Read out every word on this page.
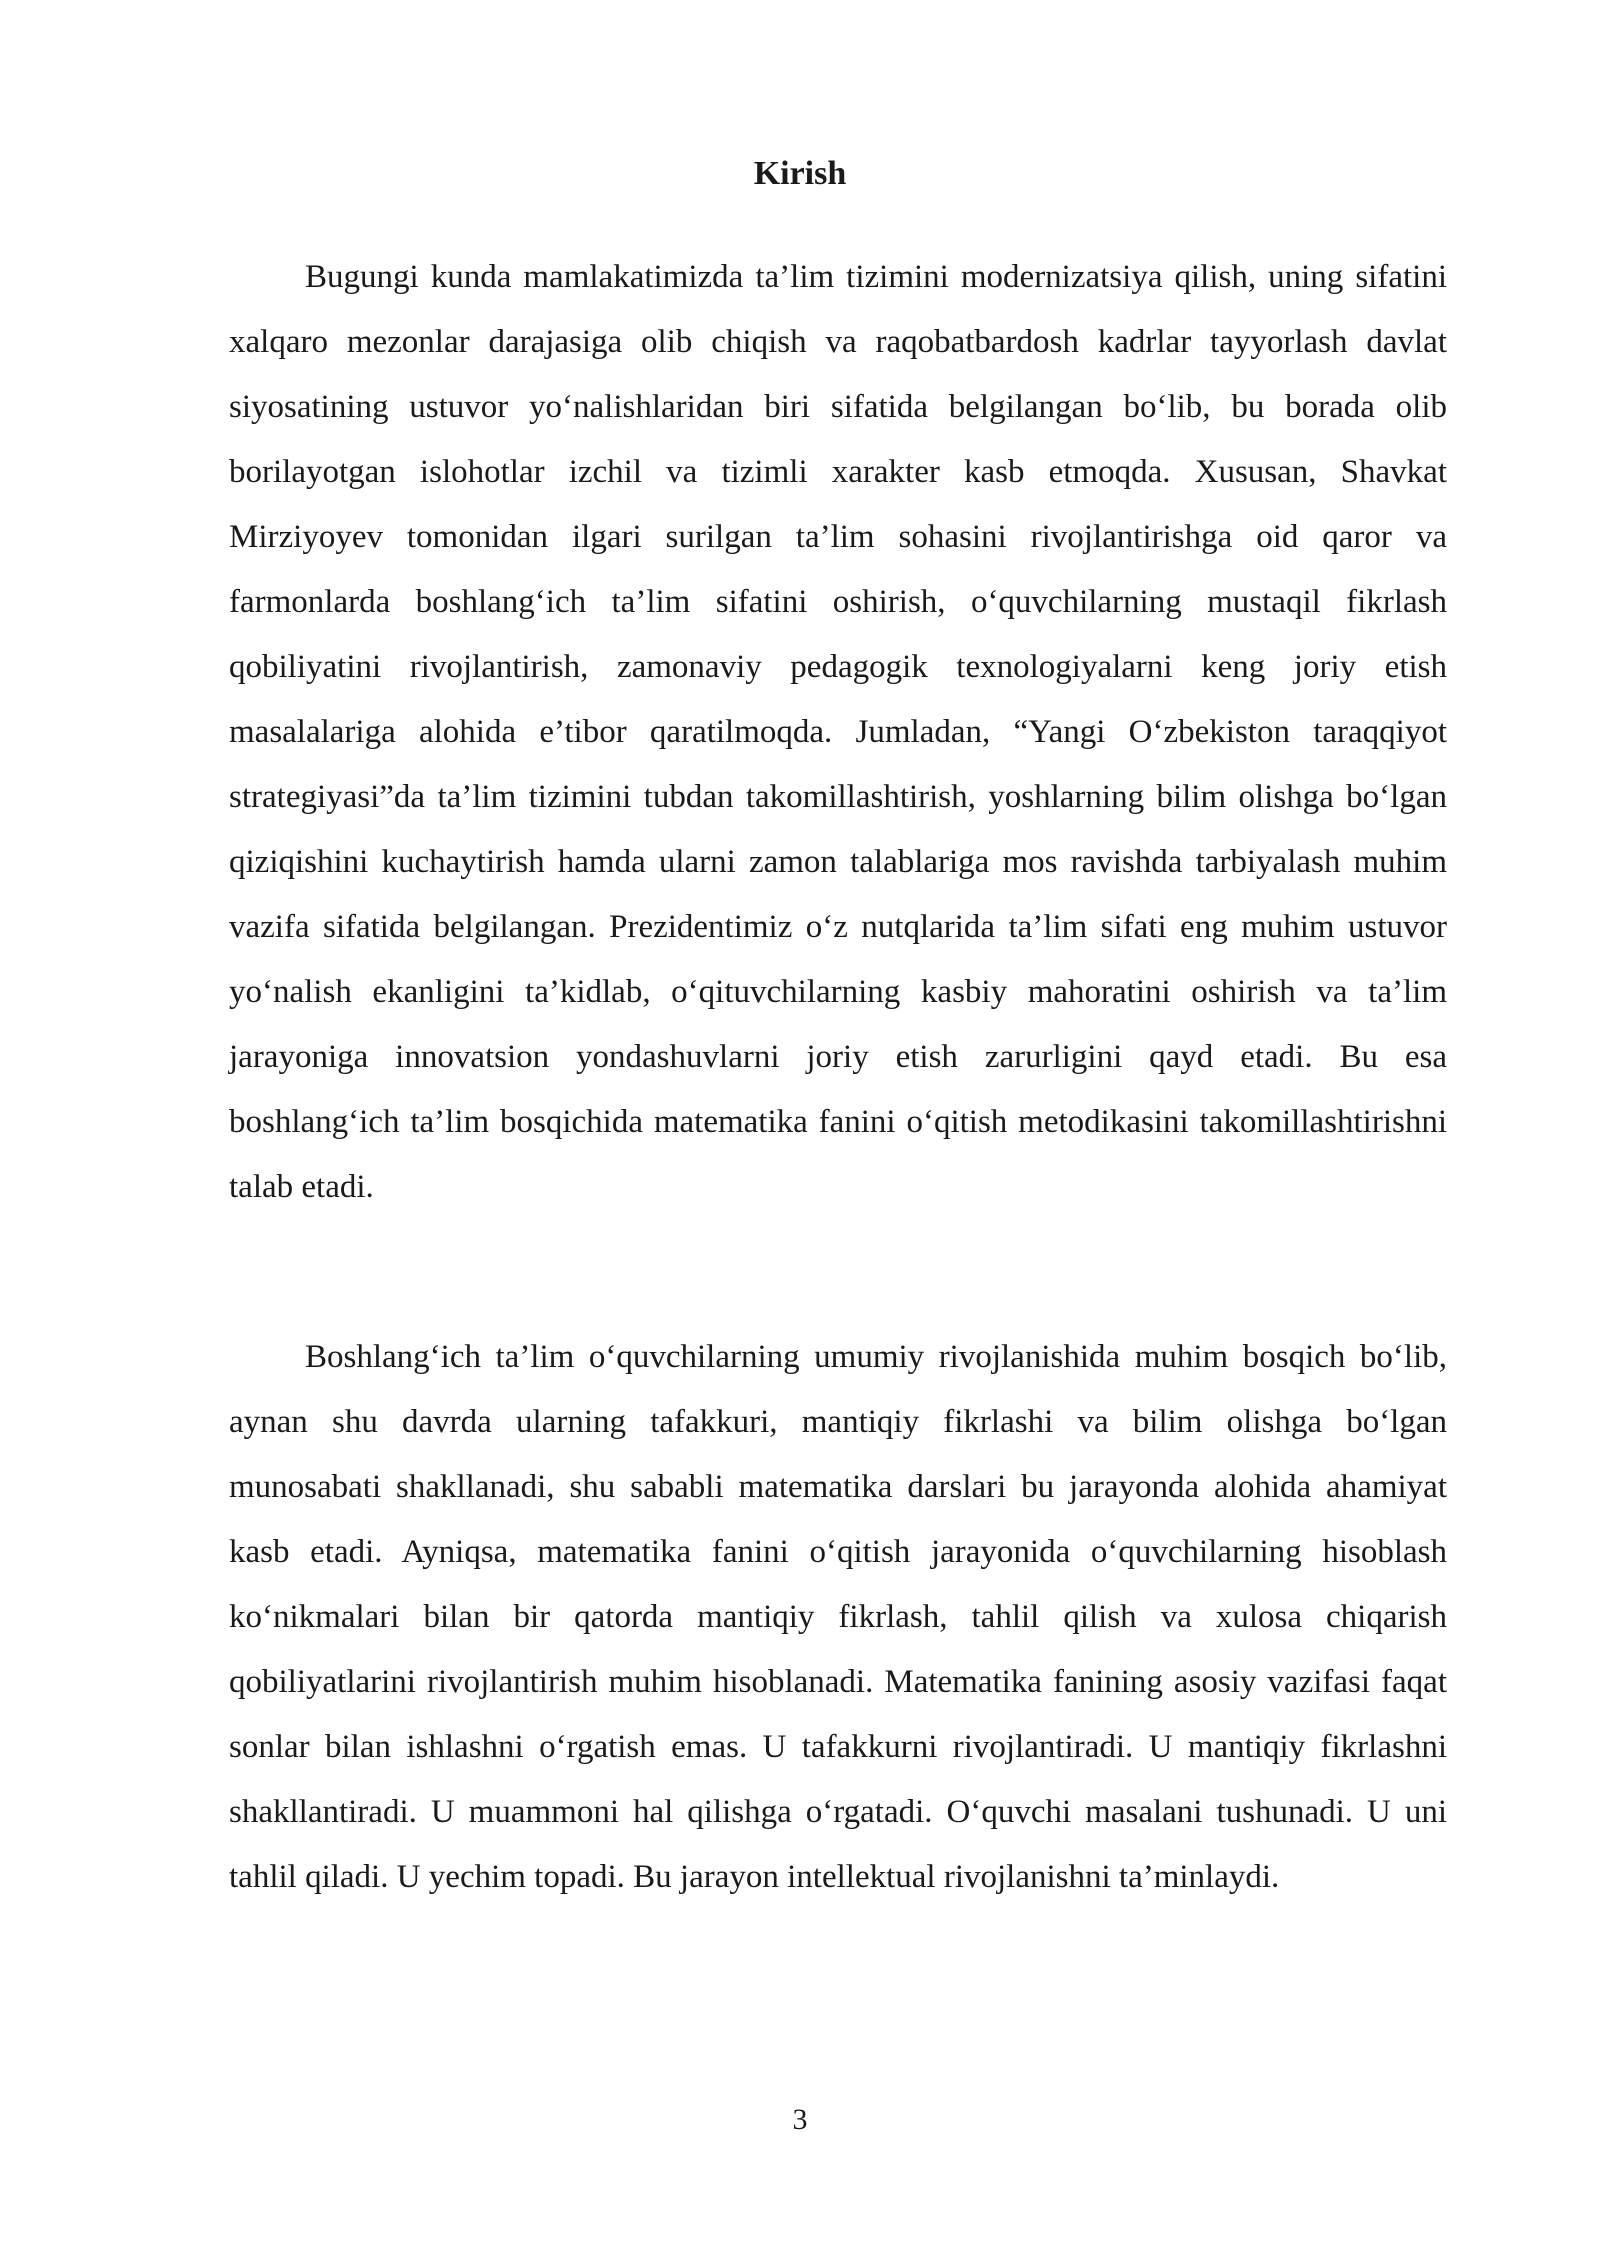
Kirish

Bugungi kunda mamlakatimizda ta’lim tizimini modernizatsiya qilish, uning sifatini xalqaro mezonlar darajasiga olib chiqish va raqobatbardosh kadrlar tayyorlash davlat siyosatining ustuvor yo‘nalishlaridan biri sifatida belgilangan bo‘lib, bu borada olib borilayotgan islohotlar izchil va tizimli xarakter kasb etmoqda. Xususan, Shavkat Mirziyoyev tomonidan ilgari surilgan ta’lim sohasini rivojlantirishga oid qaror va farmonlarda boshlang‘ich ta’lim sifatini oshirish, o‘quvchilarning mustaqil fikrlash qobiliyatini rivojlantirish, zamonaviy pedagogik texnologiyalarni keng joriy etish masalalariga alohida e’tibor qaratilmoqda. Jumladan, “Yangi O‘zbekiston taraqqiyot strategiyasi”da ta’lim tizimini tubdan takomillashtirish, yoshlarning bilim olishga bo‘lgan qiziqishini kuchaytirish hamda ularni zamon talablariga mos ravishda tarbiyalash muhim vazifa sifatida belgilangan. Prezidentimiz o‘z nutqlarida ta’lim sifati eng muhim ustuvor yo‘nalish ekanligini ta’kidlab, o‘qituvchilarning kasbiy mahoratini oshirish va ta’lim jarayoniga innovatsion yondashuvlarni joriy etish zarurligini qayd etadi. Bu esa boshlang‘ich ta’lim bosqichida matematika fanini o‘qitish metodikasini takomillashtirishni talab etadi.

Boshlang‘ich ta’lim o‘quvchilarning umumiy rivojlanishida muhim bosqich bo‘lib, aynan shu davrda ularning tafakkuri, mantiqiy fikrlashi va bilim olishga bo‘lgan munosabati shakllanadi, shu sababli matematika darslari bu jarayonda alohida ahamiyat kasb etadi. Ayniqsa, matematika fanini o‘qitish jarayonida o‘quvchilarning hisoblash ko‘nikmalari bilan bir qatorda mantiqiy fikrlash, tahlil qilish va xulosa chiqarish qobiliyatlarini rivojlantirish muhim hisoblanadi. Matematika fanining asosiy vazifasi faqat sonlar bilan ishlashni o‘rgatish emas. U tafakkurni rivojlantiradi. U mantiqiy fikrlashni shakllantiradi. U muammoni hal qilishga o‘rgatadi. O‘quvchi masalani tushunadi. U uni tahlil qiladi. U yechim topadi. Bu jarayon intellektual rivojlanishni ta’minlaydi.

3
